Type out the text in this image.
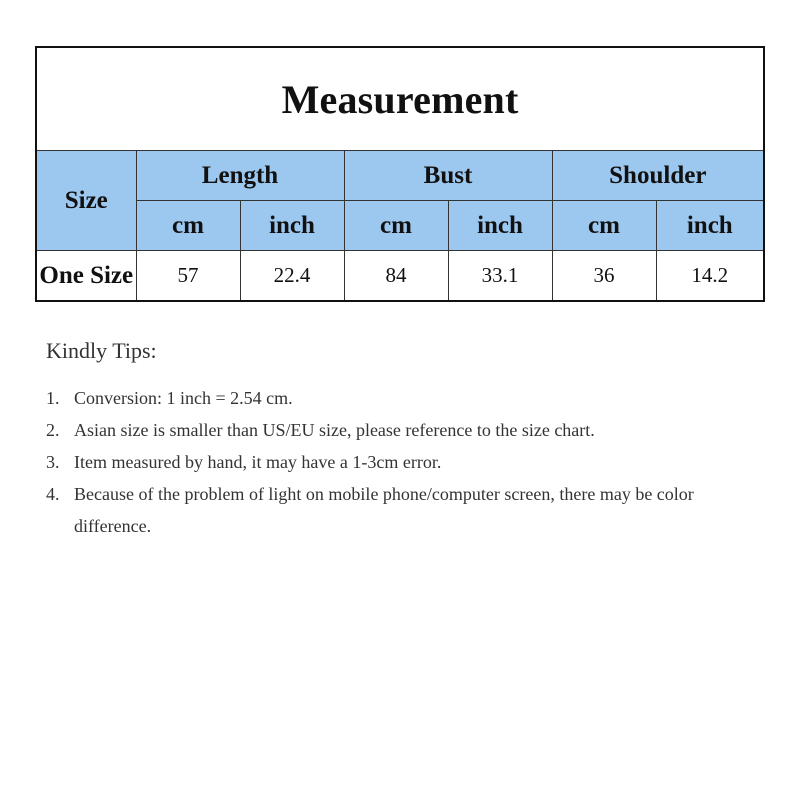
Measurement						
Size	Length		Bust		Shoulder	
	cm	inch	cm	inch	cm	inch
One Size	57	22.4	84	33.1	36	14.2
Kindly Tips:
1. Conversion: 1 inch = 2.54 cm.
2. Asian size is smaller than US/EU size, please reference to the size chart.
3. Item measured by hand, it may have a 1-3cm error.
4. Because of the problem of light on mobile phone/computer screen, there may be color difference.
